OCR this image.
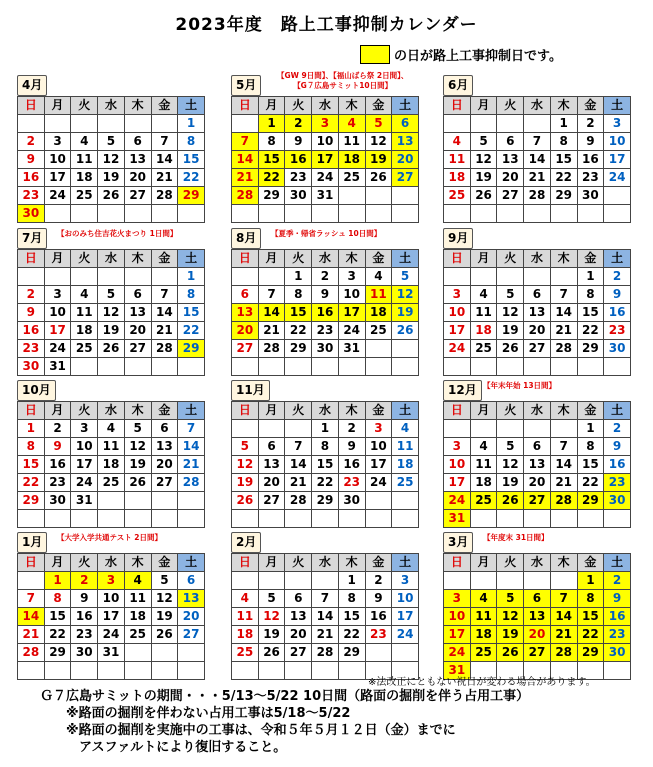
2023年度　路上工事抑制カレンダー
の日が路上工事抑制日です。
4月
日	月	火	水	木	金	土
						1
2	3	4	5	6	7	8
9	10	11	12	13	14	15
16	17	18	19	20	21	22
23	24	25	26	27	28	29
30						
5月
【GW 9日間】、【福山ばら祭 2日間】、
【G７広島サミット10日間】
日	月	火	水	木	金	土
	1	2	3	4	5	6
7	8	9	10	11	12	13
14	15	16	17	18	19	20
21	22	23	24	25	26	27
28	29	30	31			

6月
日	月	火	水	木	金	土
				1	2	3
4	5	6	7	8	9	10
11	12	13	14	15	16	17
18	19	20	21	22	23	24
25	26	27	28	29	30	

7月	【おのみち住吉花火まつり 1日間】
日	月	火	水	木	金	土
						1
2	3	4	5	6	7	8
9	10	11	12	13	14	15
16	17	18	19	20	21	22
23	24	25	26	27	28	29
30	31					
8月	【夏季・帰省ラッシュ 10日間】
日	月	火	水	木	金	土
		1	2	3	4	5
6	7	8	9	10	11	12
13	14	15	16	17	18	19
20	21	22	23	24	25	26
27	28	29	30	31		

9月
日	月	火	水	木	金	土
					1	2
3	4	5	6	7	8	9
10	11	12	13	14	15	16
17	18	19	20	21	22	23
24	25	26	27	28	29	30

10月
日	月	火	水	木	金	土
1	2	3	4	5	6	7
8	9	10	11	12	13	14
15	16	17	18	19	20	21
22	23	24	25	26	27	28
29	30	31				

11月
日	月	火	水	木	金	土
			1	2	3	4
5	6	7	8	9	10	11
12	13	14	15	16	17	18
19	20	21	22	23	24	25
26	27	28	29	30		

12月 【年末年始 13日間】
日	月	火	水	木	金	土
					1	2
3	4	5	6	7	8	9
10	11	12	13	14	15	16
17	18	19	20	21	22	23
24	25	26	27	28	29	30
31						
1月	【大学入学共通テスト 2日間】
日	月	火	水	木	金	土
	1	2	3	4	5	6
7	8	9	10	11	12	13
14	15	16	17	18	19	20
21	22	23	24	25	26	27
28	29	30	31			

2月
日	月	火	水	木	金	土
				1	2	3
4	5	6	7	8	9	10
11	12	13	14	15	16	17
18	19	20	21	22	23	24
25	26	27	28	29		

3月	【年度末 31日間】
日	月	火	水	木	金	土
					1	2
3	4	5	6	7	8	9
10	11	12	13	14	15	16
17	18	19	20	21	22	23
24	25	26	27	28	29	30
31						
※法改正にともない祝日が変わる場合があります。
Ｇ７広島サミットの期間・・・5/13～5/22 10日間（路面の掘削を伴う占用工事）
　　※路面の掘削を伴わない占用工事は5/18～5/22
　　※路面の掘削を実施中の工事は、令和５年５月１２日（金）までに
　　　アスファルトにより復旧すること。
